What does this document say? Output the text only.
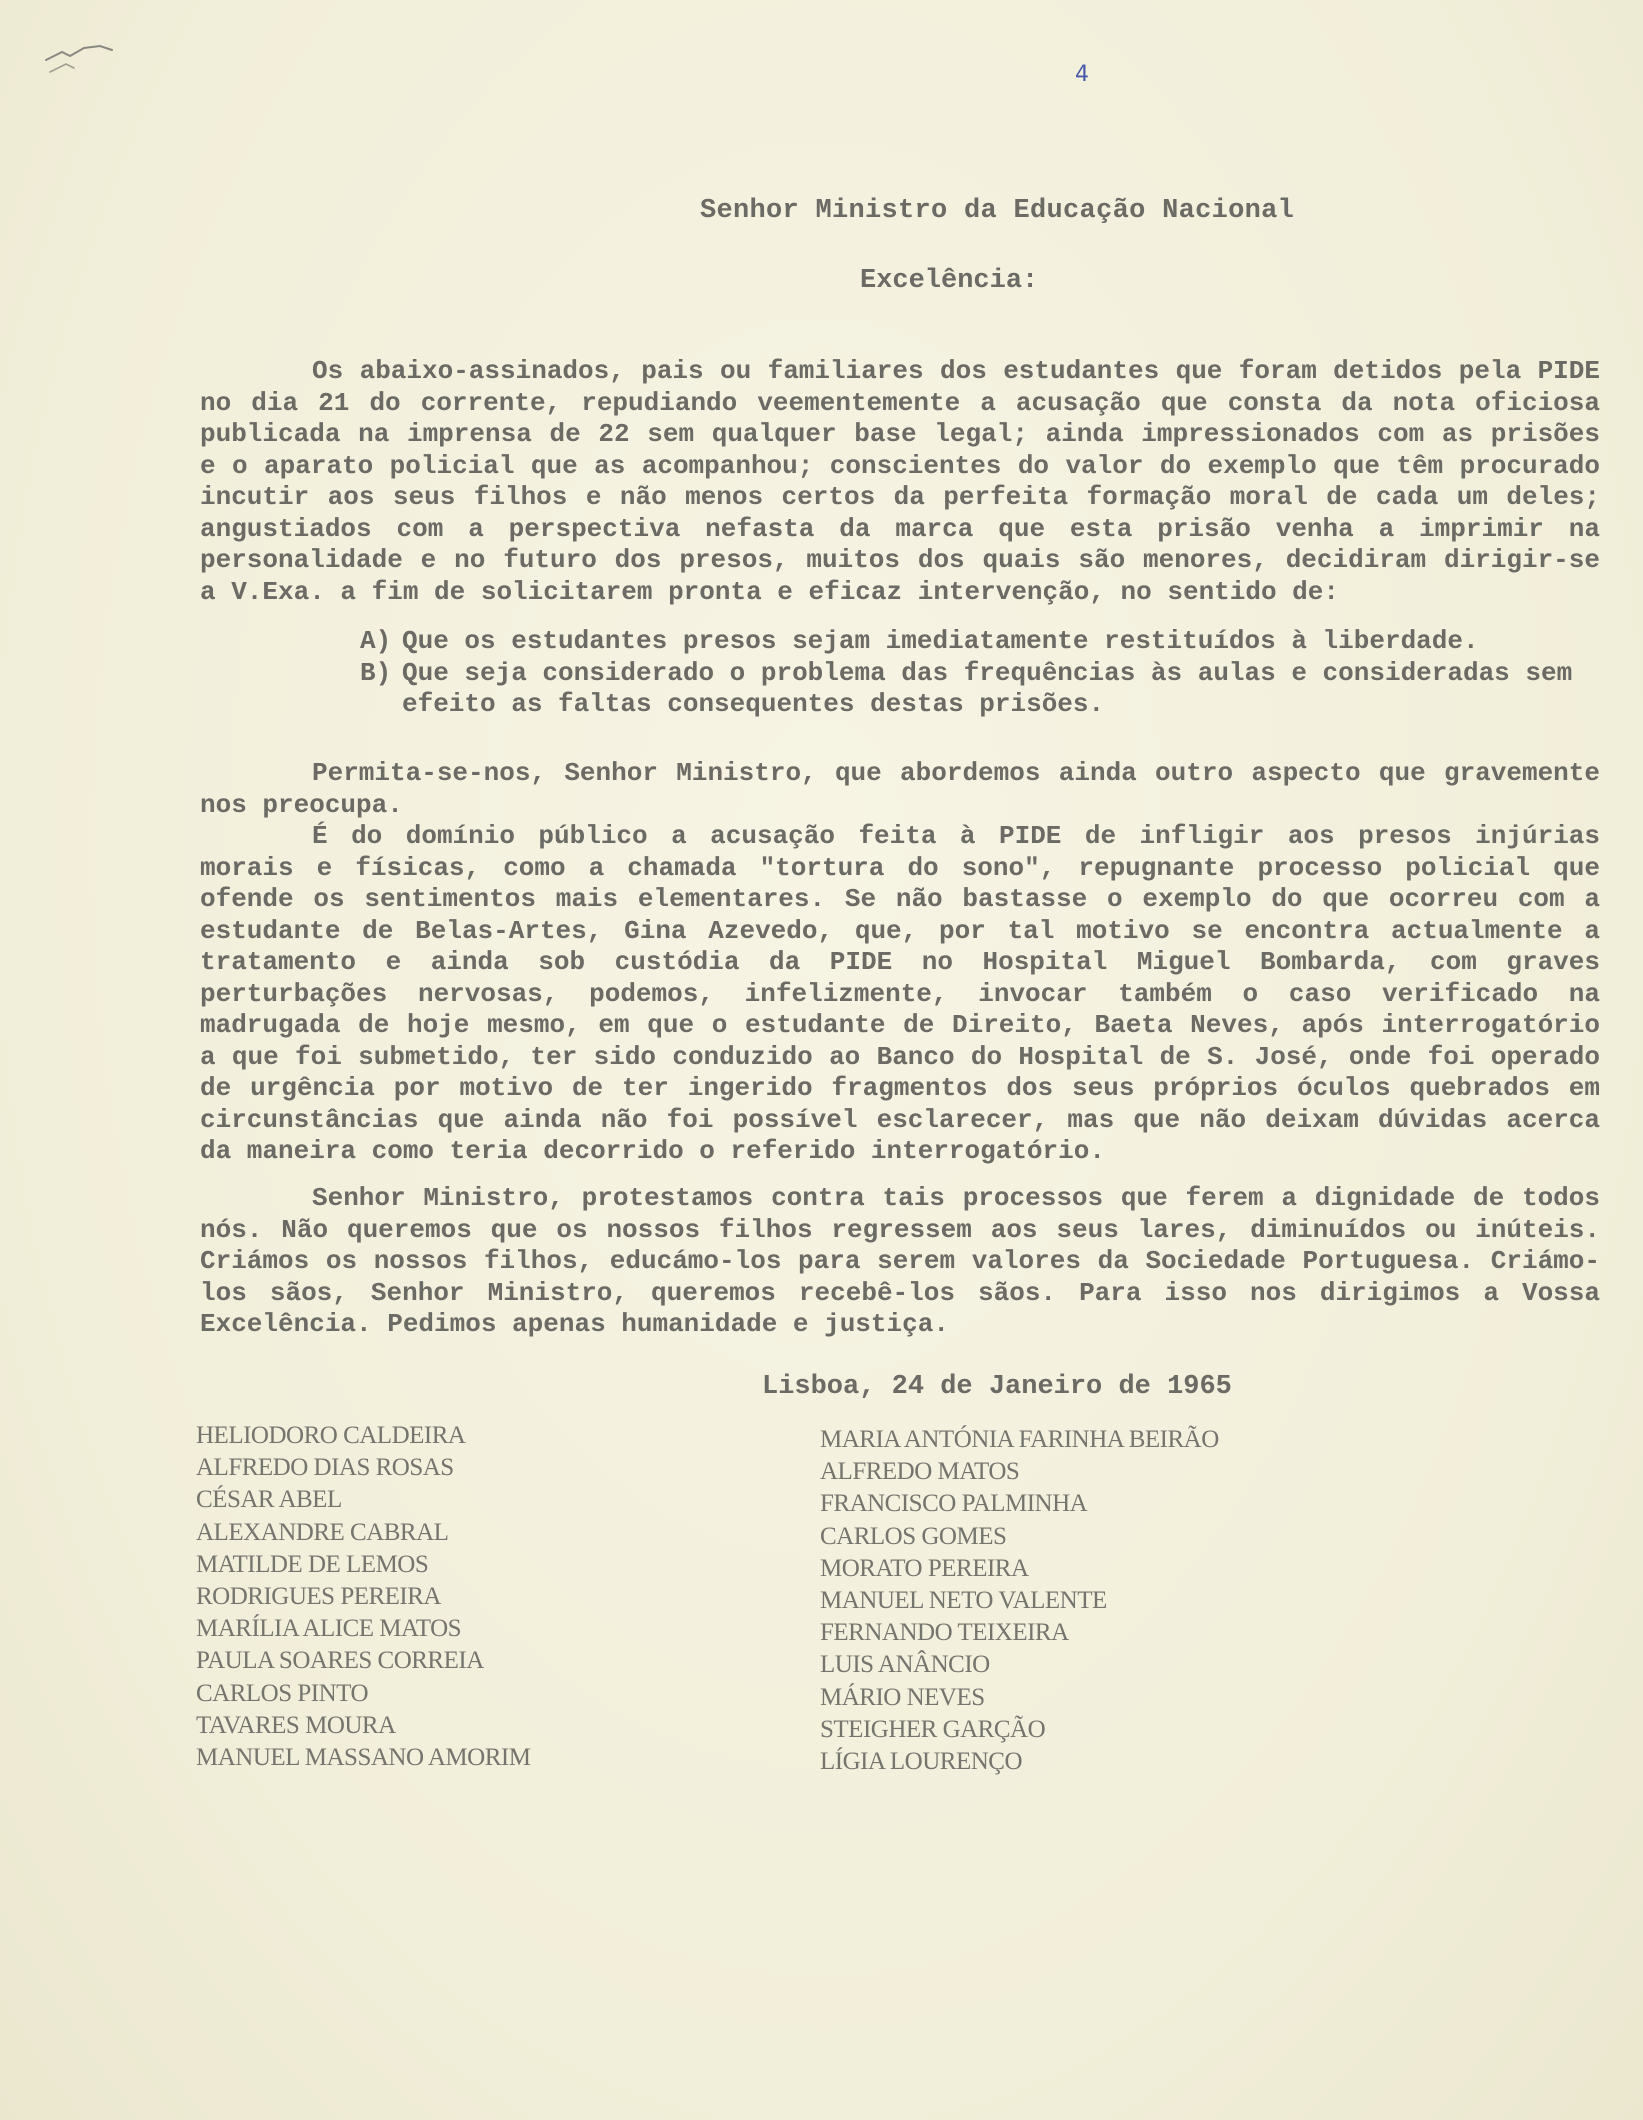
4
Senhor Ministro da Educação Nacional
Excelência:
Os abaixo-assinados, pais ou familiares dos estudantes que foram detidos pela PIDE no dia 21 do corrente, repudiando veementemente a acusação que consta da nota oficiosa publicada na imprensa de 22 sem qualquer base legal; ainda impressionados com as prisões e o aparato policial que as acompanhou; conscientes do valor do exemplo que têm procurado incutir aos seus filhos e não menos certos da perfeita formação moral de cada um deles; angustiados com a perspectiva nefasta da marca que esta prisão venha a imprimir na personalidade e no futuro dos presos, muitos dos quais são menores, decidiram dirigir-se a V.Exa. a fim de solicitarem pronta e eficaz intervenção, no sentido de:
A) Que os estudantes presos sejam imediatamente restituídos à liberdade.
B) Que seja considerado o problema das frequências às aulas e consideradas sem efeito as faltas consequentes destas prisões.
Permita-se-nos, Senhor Ministro, que abordemos ainda outro aspecto que gravemente nos preocupa.
É do domínio público a acusação feita à PIDE de infligir aos presos injúrias morais e físicas, como a chamada "tortura do sono", repugnante processo policial que ofende os sentimentos mais elementares. Se não bastasse o exemplo do que ocorreu com a estudante de Belas-Artes, Gina Azevedo, que, por tal motivo se encontra actualmente a tratamento e ainda sob custódia da PIDE no Hospital Miguel Bombarda, com graves perturbações nervosas, podemos, infelizmente, invocar também o caso verificado na madrugada de hoje mesmo, em que o estudante de Direito, Baeta Neves, após interrogatório a que foi submetido, ter sido conduzido ao Banco do Hospital de S. José, onde foi operado de urgência por motivo de ter ingerido fragmentos dos seus próprios óculos quebrados em circunstâncias que ainda não foi possível esclarecer, mas que não deixam dúvidas acerca da maneira como teria decorrido o referido interrogatório.
Senhor Ministro, protestamos contra tais processos que ferem a dignidade de todos nós. Não queremos que os nossos filhos regressem aos seus lares, diminuídos ou inúteis. Criámos os nossos filhos, educámo-los para serem valores da Sociedade Portuguesa. Criámo-los sãos, Senhor Ministro, queremos recebê-los sãos. Para isso nos dirigimos a Vossa Excelência. Pedimos apenas humanidade e justiça.
Lisboa, 24 de Janeiro de 1965
HELIODORO CALDEIRA
ALFREDO DIAS ROSAS
CÉSAR ABEL
ALEXANDRE CABRAL
MATILDE DE LEMOS
RODRIGUES PEREIRA
MARÍLIA ALICE MATOS
PAULA SOARES CORREIA
CARLOS PINTO
TAVARES MOURA
MANUEL MASSANO AMORIM
MARIA ANTÓNIA FARINHA BEIRÃO
ALFREDO MATOS
FRANCISCO PALMINHA
CARLOS GOMES
MORATO PEREIRA
MANUEL NETO VALENTE
FERNANDO TEIXEIRA
LUIS ANÂNCIO
MÁRIO NEVES
STEIGHER GARÇÃO
LÍGIA LOURENÇO
